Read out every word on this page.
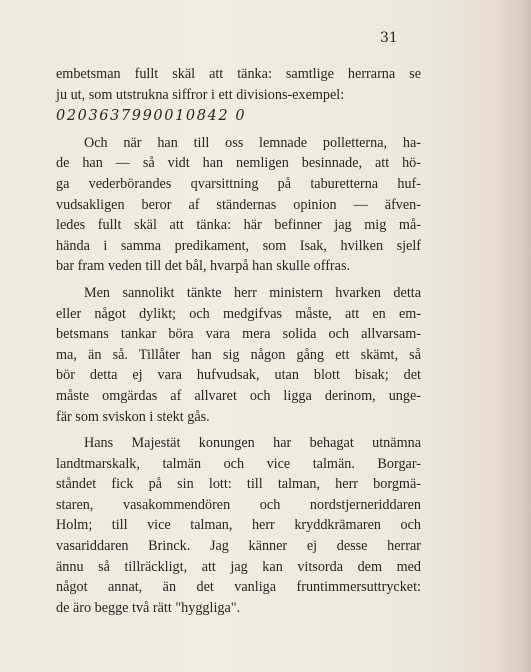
31

embetsman fullt skäl att tänka: samtlige herrarna se
ju ut, som utstrukna siffror i ett divisions-exempel:
0203637990010842 0

Och när han till oss lemnade polletterna, ha-
de han — så vidt han nemligen besinnade, att hö-
ga vederbörandes qvarsittning på taburetterna huf-
vudsakligen beror af ständernas opinion — äfven-
ledes fullt skäl att tänka: här befinner jag mig må-
hända i samma predikament, som Isak, hvilken sjelf
bar fram veden till det bål, hvarpå han skulle offras.

Men sannolikt tänkte herr ministern hvarken detta
eller något dylikt; och medgifvas måste, att en em-
betsmans tankar böra vara mera solida och allvarsam-
ma, än så. Tillåter han sig någon gång ett skämt, så
bör detta ej vara hufvudsak, utan blott bisak; det
måste omgärdas af allvaret och ligga derinom, unge-
fär som sviskon i stekt gås.

Hans Majestät konungen har behagat utnämna
landtmarskalk, talmän och vice talmän. Borgar-
ståndet fick på sin lott: till talman, herr borgmä-
staren, vasakommendören och nordstjerneriddaren
Holm; till vice talman, herr kryddkrämaren och
vasariddaren Brinck. Jag känner ej desse herrar
ännu så tillräckligt, att jag kan vitsorda dem med
något annat, än det vanliga fruntimmersuttrycket:
de äro begge två rätt "hyggliga".
